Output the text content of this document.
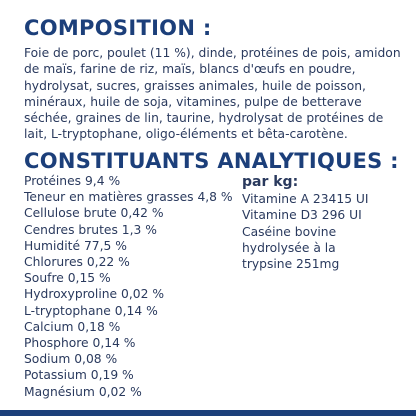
COMPOSITION :

Foie de porc, poulet (11 %), dinde, protéines de pois, amidon de maïs, farine de riz, maïs, blancs d'œufs en poudre, hydrolysat, sucres, graisses animales, huile de poisson, minéraux, huile de soja, vitamines, pulpe de betterave séchée, graines de lin, taurine, hydrolysat de protéines de lait, L-tryptophane, oligo-éléments et bêta-carotène.

CONSTITUANTS ANALYTIQUES :
Protéines 9,4 %
Teneur en matières grasses 4,8 %
Cellulose brute 0,42 %
Cendres brutes 1,3 %
Humidité 77,5 %
Chlorures 0,22 %
Soufre 0,15 %
Hydroxyproline 0,02 %
L-tryptophane 0,14 %
Calcium 0,18 %
Phosphore 0,14 %
Sodium 0,08 %
Potassium 0,19 %
Magnésium 0,02 %
par kg:
Vitamine A 23415 UI
Vitamine D3 296 UI
Caséine bovine
hydrolysée à la
trypsine 251mg
